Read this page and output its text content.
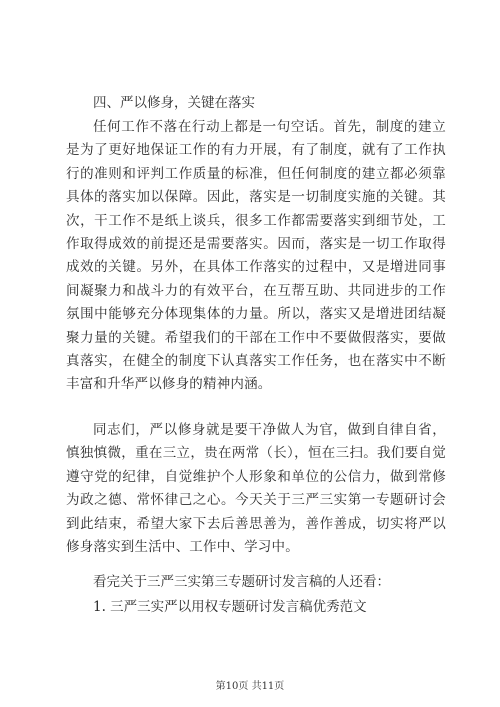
四、严以修身，关键在落实
任何工作不落在行动上都是一句空话。首先，制度的建立是为了更好地保证工作的有力开展，有了制度，就有了工作执行的准则和评判工作质量的标准，但任何制度的建立都必须靠具体的落实加以保障。因此，落实是一切制度实施的关键。其次，干工作不是纸上谈兵，很多工作都需要落实到细节处，工作取得成效的前提还是需要落实。因而，落实是一切工作取得成效的关键。另外，在具体工作落实的过程中，又是增进同事间凝聚力和战斗力的有效平台，在互帮互助、共同进步的工作氛围中能够充分体现集体的力量。所以，落实又是增进团结凝聚力量的关键。希望我们的干部在工作中不要做假落实，要做真落实，在健全的制度下认真落实工作任务，也在落实中不断丰富和升华严以修身的精神内涵。
同志们，严以修身就是要干净做人为官，做到自律自省，慎独慎微，重在三立，贵在两常（长），恒在三扫。我们要自觉遵守党的纪律，自觉维护个人形象和单位的公信力，做到常修为政之德、常怀律己之心。今天关于三严三实第一专题研讨会到此结束，希望大家下去后善思善为，善作善成，切实将严以修身落实到生活中、工作中、学习中。
看完关于三严三实第三专题研讨发言稿的人还看：
1. 三严三实严以用权专题研讨发言稿优秀范文
第10页 共11页
